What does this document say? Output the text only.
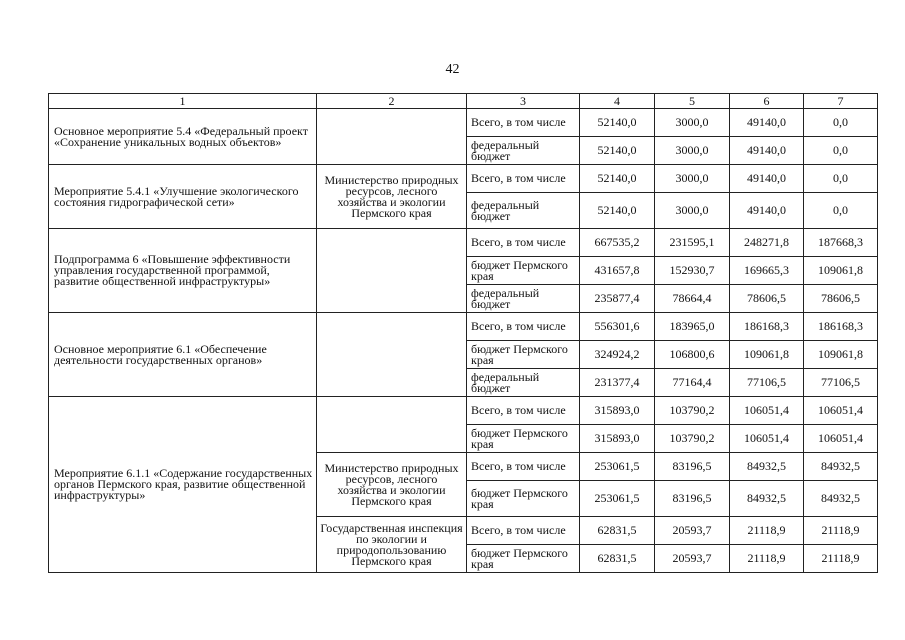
42
1	2	3	4	5	6	7
Основное мероприятие 5.4 «Федеральный проект «Сохранение уникальных водных объектов»		Всего, в том числе	52140,0	3000,0	49140,0	0,0
		федеральный бюджет	52140,0	3000,0	49140,0	0,0
Мероприятие 5.4.1 «Улучшение экологического состояния гидрографической сети»	Министерство природных ресурсов, лесного хозяйства и экологии Пермского края	Всего, в том числе	52140,0	3000,0	49140,0	0,0
		федеральный бюджет	52140,0	3000,0	49140,0	0,0
Подпрограмма 6 «Повышение эффективности управления государственной программой, развитие общественной инфраструктуры»		Всего, в том числе	667535,2	231595,1	248271,8	187668,3
		бюджет Пермского края	431657,8	152930,7	169665,3	109061,8
		федеральный бюджет	235877,4	78664,4	78606,5	78606,5
Основное мероприятие 6.1 «Обеспечение деятельности государственных органов»		Всего, в том числе	556301,6	183965,0	186168,3	186168,3
		бюджет Пермского края	324924,2	106800,6	109061,8	109061,8
		федеральный бюджет	231377,4	77164,4	77106,5	77106,5
Мероприятие 6.1.1 «Содержание государственных органов Пермского края, развитие общественной инфраструктуры»		Всего, в том числе	315893,0	103790,2	106051,4	106051,4
		бюджет Пермского края	315893,0	103790,2	106051,4	106051,4
	Министерство природных ресурсов, лесного хозяйства и экологии Пермского края	Всего, в том числе	253061,5	83196,5	84932,5	84932,5
		бюджет Пермского края	253061,5	83196,5	84932,5	84932,5
	Государственная инспекция по экологии и природопользованию Пермского края	Всего, в том числе	62831,5	20593,7	21118,9	21118,9
		бюджет Пермского края	62831,5	20593,7	21118,9	21118,9
